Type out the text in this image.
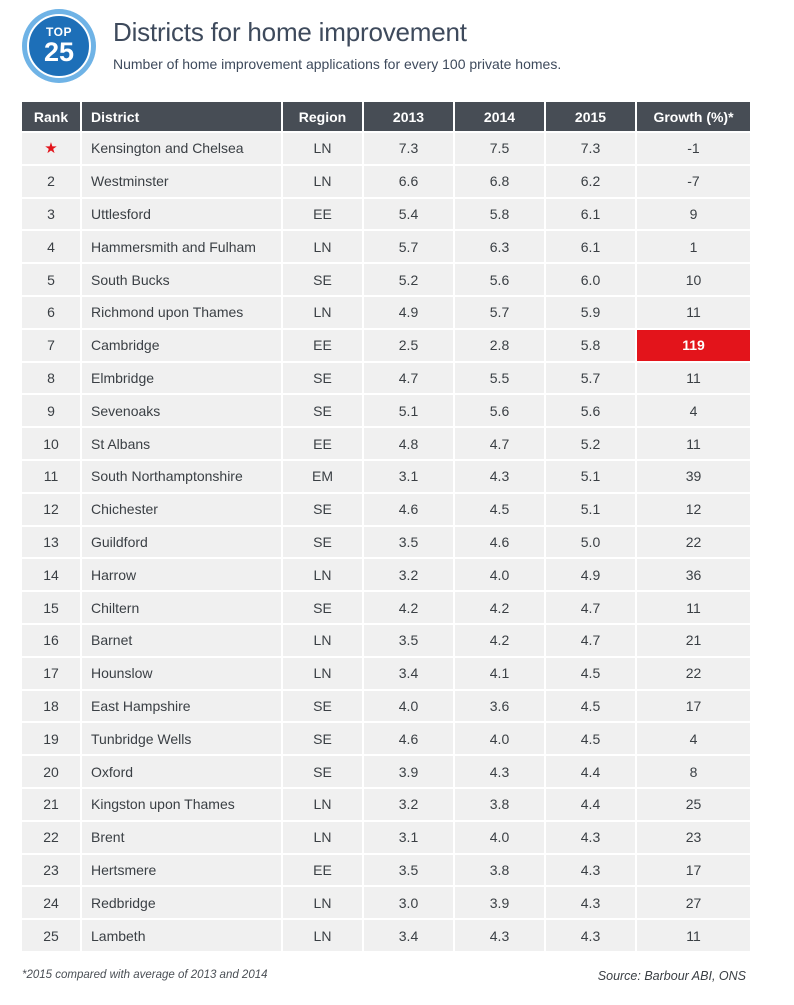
TOP
25
Districts for home improvement
Number of home improvement applications for every 100 private homes.
Rank	District	Region	2013	2014	2015	Growth (%)*
★	Kensington and Chelsea	LN	7.3	7.5	7.3	-1
2	Westminster	LN	6.6	6.8	6.2	-7
3	Uttlesford	EE	5.4	5.8	6.1	9
4	Hammersmith and Fulham	LN	5.7	6.3	6.1	1
5	South Bucks	SE	5.2	5.6	6.0	10
6	Richmond upon Thames	LN	4.9	5.7	5.9	11
7	Cambridge	EE	2.5	2.8	5.8	119
8	Elmbridge	SE	4.7	5.5	5.7	11
9	Sevenoaks	SE	5.1	5.6	5.6	4
10	St Albans	EE	4.8	4.7	5.2	11
11	South Northamptonshire	EM	3.1	4.3	5.1	39
12	Chichester	SE	4.6	4.5	5.1	12
13	Guildford	SE	3.5	4.6	5.0	22
14	Harrow	LN	3.2	4.0	4.9	36
15	Chiltern	SE	4.2	4.2	4.7	11
16	Barnet	LN	3.5	4.2	4.7	21
17	Hounslow	LN	3.4	4.1	4.5	22
18	East Hampshire	SE	4.0	3.6	4.5	17
19	Tunbridge Wells	SE	4.6	4.0	4.5	4
20	Oxford	SE	3.9	4.3	4.4	8
21	Kingston upon Thames	LN	3.2	3.8	4.4	25
22	Brent	LN	3.1	4.0	4.3	23
23	Hertsmere	EE	3.5	3.8	4.3	17
24	Redbridge	LN	3.0	3.9	4.3	27
25	Lambeth	LN	3.4	4.3	4.3	11
*2015 compared with average of 2013 and 2014	Source: Barbour ABI, ONS
